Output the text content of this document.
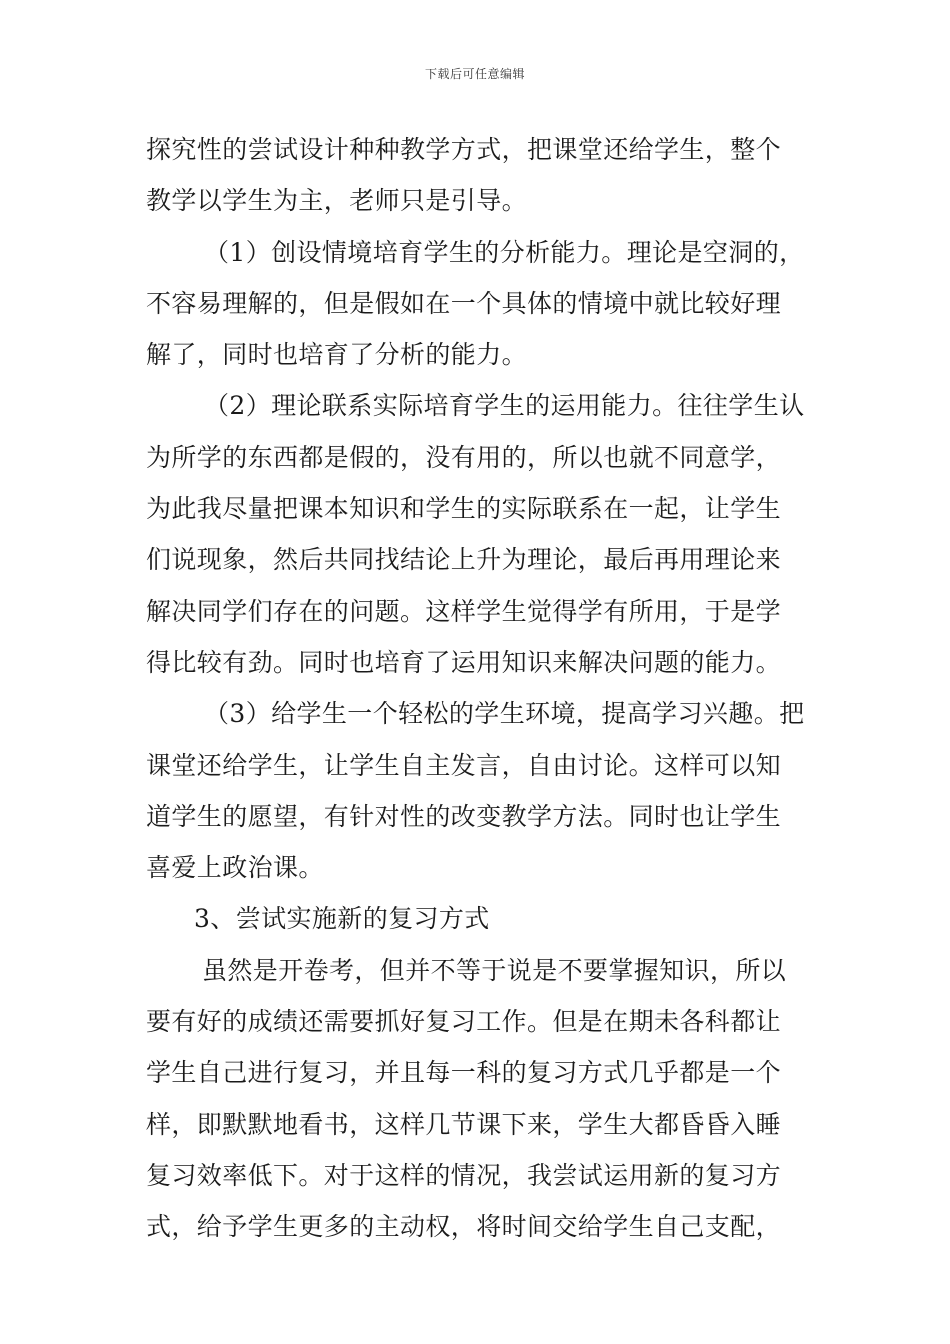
下载后可任意编辑
探究性的尝试设计种种教学方式，把课堂还给学生，整个
教学以学生为主，老师只是引导。
（1）创设情境培育学生的分析能力。理论是空洞的，
不容易理解的，但是假如在一个具体的情境中就比较好理
解了，同时也培育了分析的能力。
（2）理论联系实际培育学生的运用能力。往往学生认
为所学的东西都是假的，没有用的，所以也就不同意学，
为此我尽量把课本知识和学生的实际联系在一起，让学生
们说现象，然后共同找结论上升为理论，最后再用理论来
解决同学们存在的问题。这样学生觉得学有所用，于是学
得比较有劲。同时也培育了运用知识来解决问题的能力。
（3）给学生一个轻松的学生环境，提高学习兴趣。把
课堂还给学生，让学生自主发言，自由讨论。这样可以知
道学生的愿望，有针对性的改变教学方法。同时也让学生
喜爱上政治课。
3、尝试实施新的复习方式
虽然是开卷考，但并不等于说是不要掌握知识，所以
要有好的成绩还需要抓好复习工作。但是在期未各科都让
学生自己进行复习，并且每一科的复习方式几乎都是一个
样，即默默地看书，这样几节课下来，学生大都昏昏入睡
复习效率低下。对于这样的情况，我尝试运用新的复习方
式，给予学生更多的主动权，将时间交给学生自己支配，
